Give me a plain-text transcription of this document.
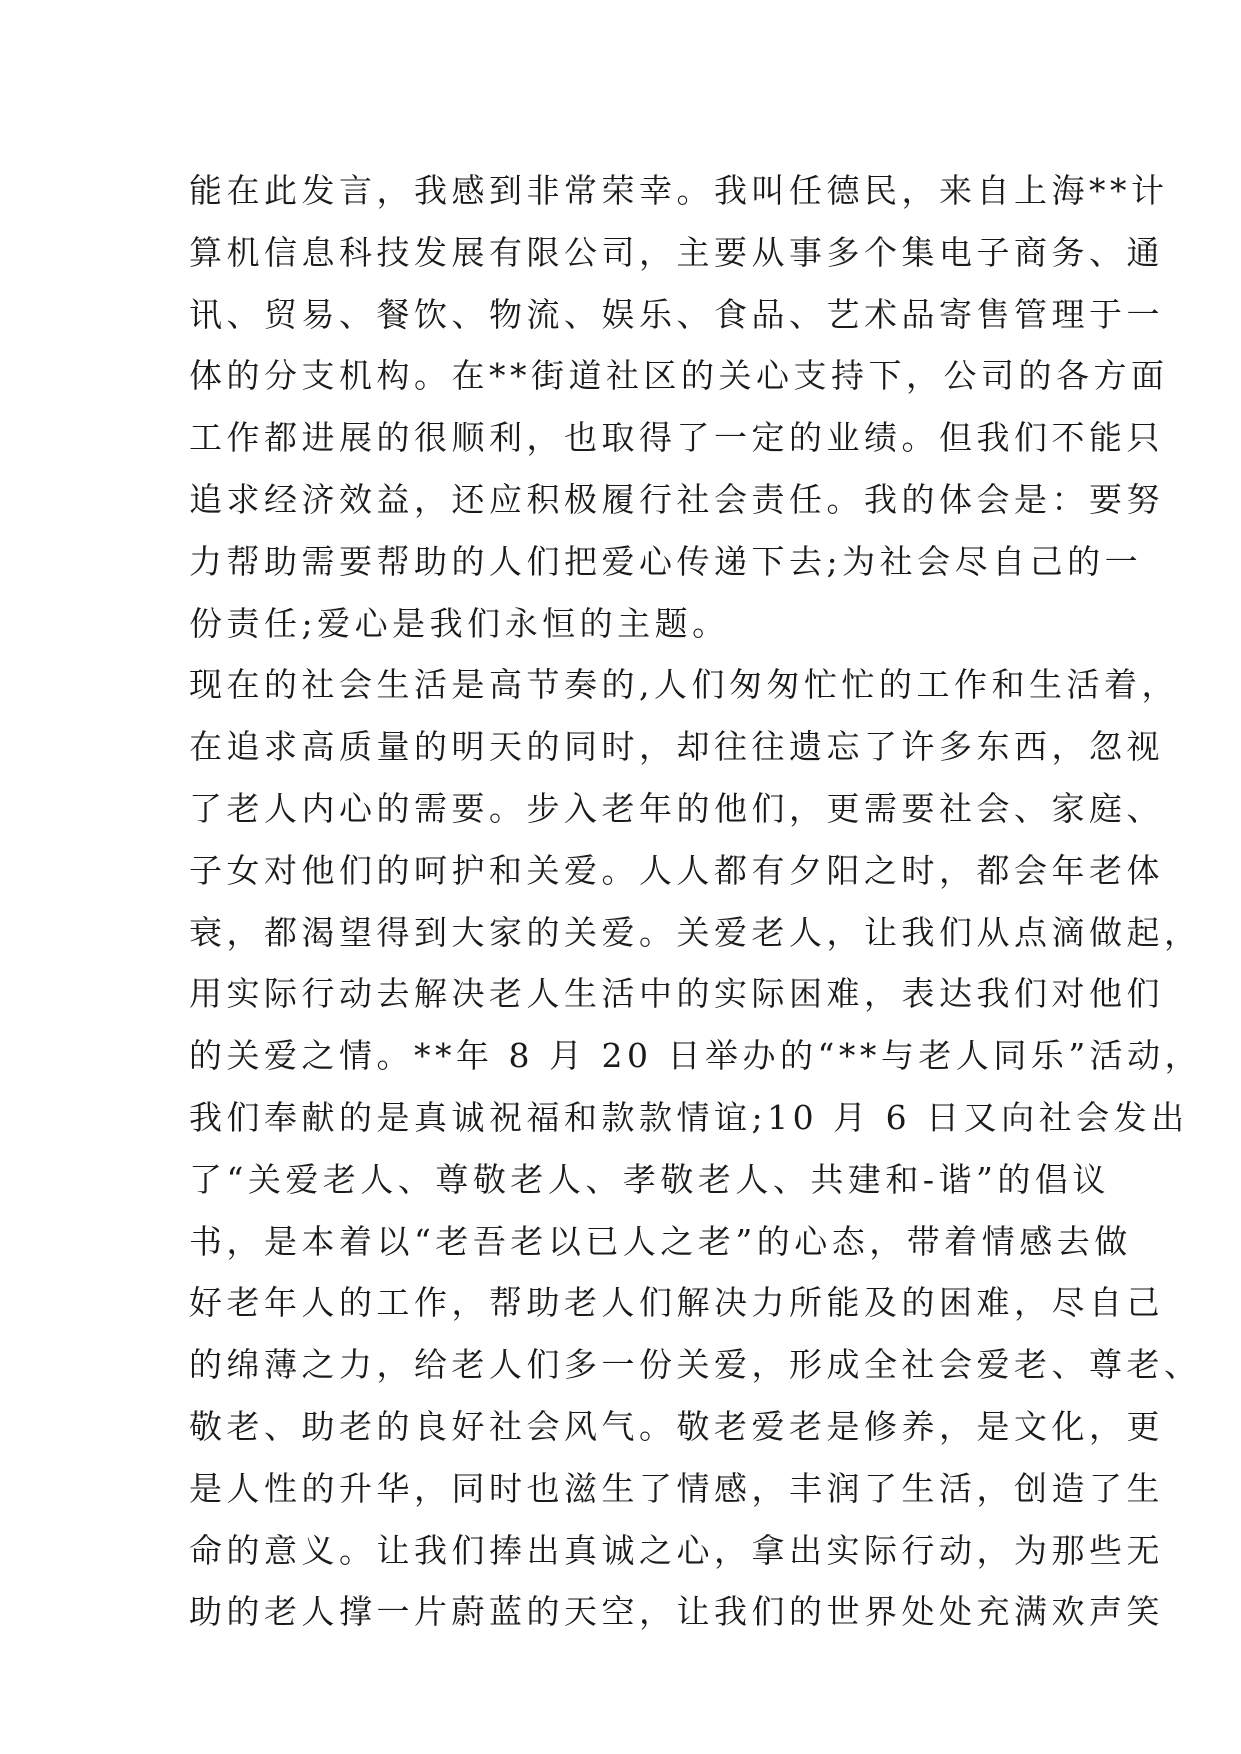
能在此发言，我感到非常荣幸。我叫任德民，来自上海**计
算机信息科技发展有限公司，主要从事多个集电子商务、通
讯、贸易、餐饮、物流、娱乐、食品、艺术品寄售管理于一
体的分支机构。在**街道社区的关心支持下，公司的各方面
工作都进展的很顺利，也取得了一定的业绩。但我们不能只
追求经济效益，还应积极履行社会责任。我的体会是：要努
力帮助需要帮助的人们把爱心传递下去;为社会尽自己的一
份责任;爱心是我们永恒的主题。
现在的社会生活是高节奏的,人们匆匆忙忙的工作和生活着，
在追求高质量的明天的同时，却往往遗忘了许多东西，忽视
了老人内心的需要。步入老年的他们，更需要社会、家庭、
子女对他们的呵护和关爱。人人都有夕阳之时，都会年老体
衰，都渴望得到大家的关爱。关爱老人，让我们从点滴做起，
用实际行动去解决老人生活中的实际困难，表达我们对他们
的关爱之情。**年 8 月 20 日举办的“**与老人同乐”活动，
我们奉献的是真诚祝福和款款情谊;10 月 6 日又向社会发出
了“关爱老人、尊敬老人、孝敬老人、共建和-谐”的倡议
书，是本着以“老吾老以已人之老”的心态，带着情感去做
好老年人的工作，帮助老人们解决力所能及的困难，尽自己
的绵薄之力，给老人们多一份关爱，形成全社会爱老、尊老、
敬老、助老的良好社会风气。敬老爱老是修养，是文化，更
是人性的升华，同时也滋生了情感，丰润了生活，创造了生
命的意义。让我们捧出真诚之心，拿出实际行动，为那些无
助的老人撑一片蔚蓝的天空，让我们的世界处处充满欢声笑
